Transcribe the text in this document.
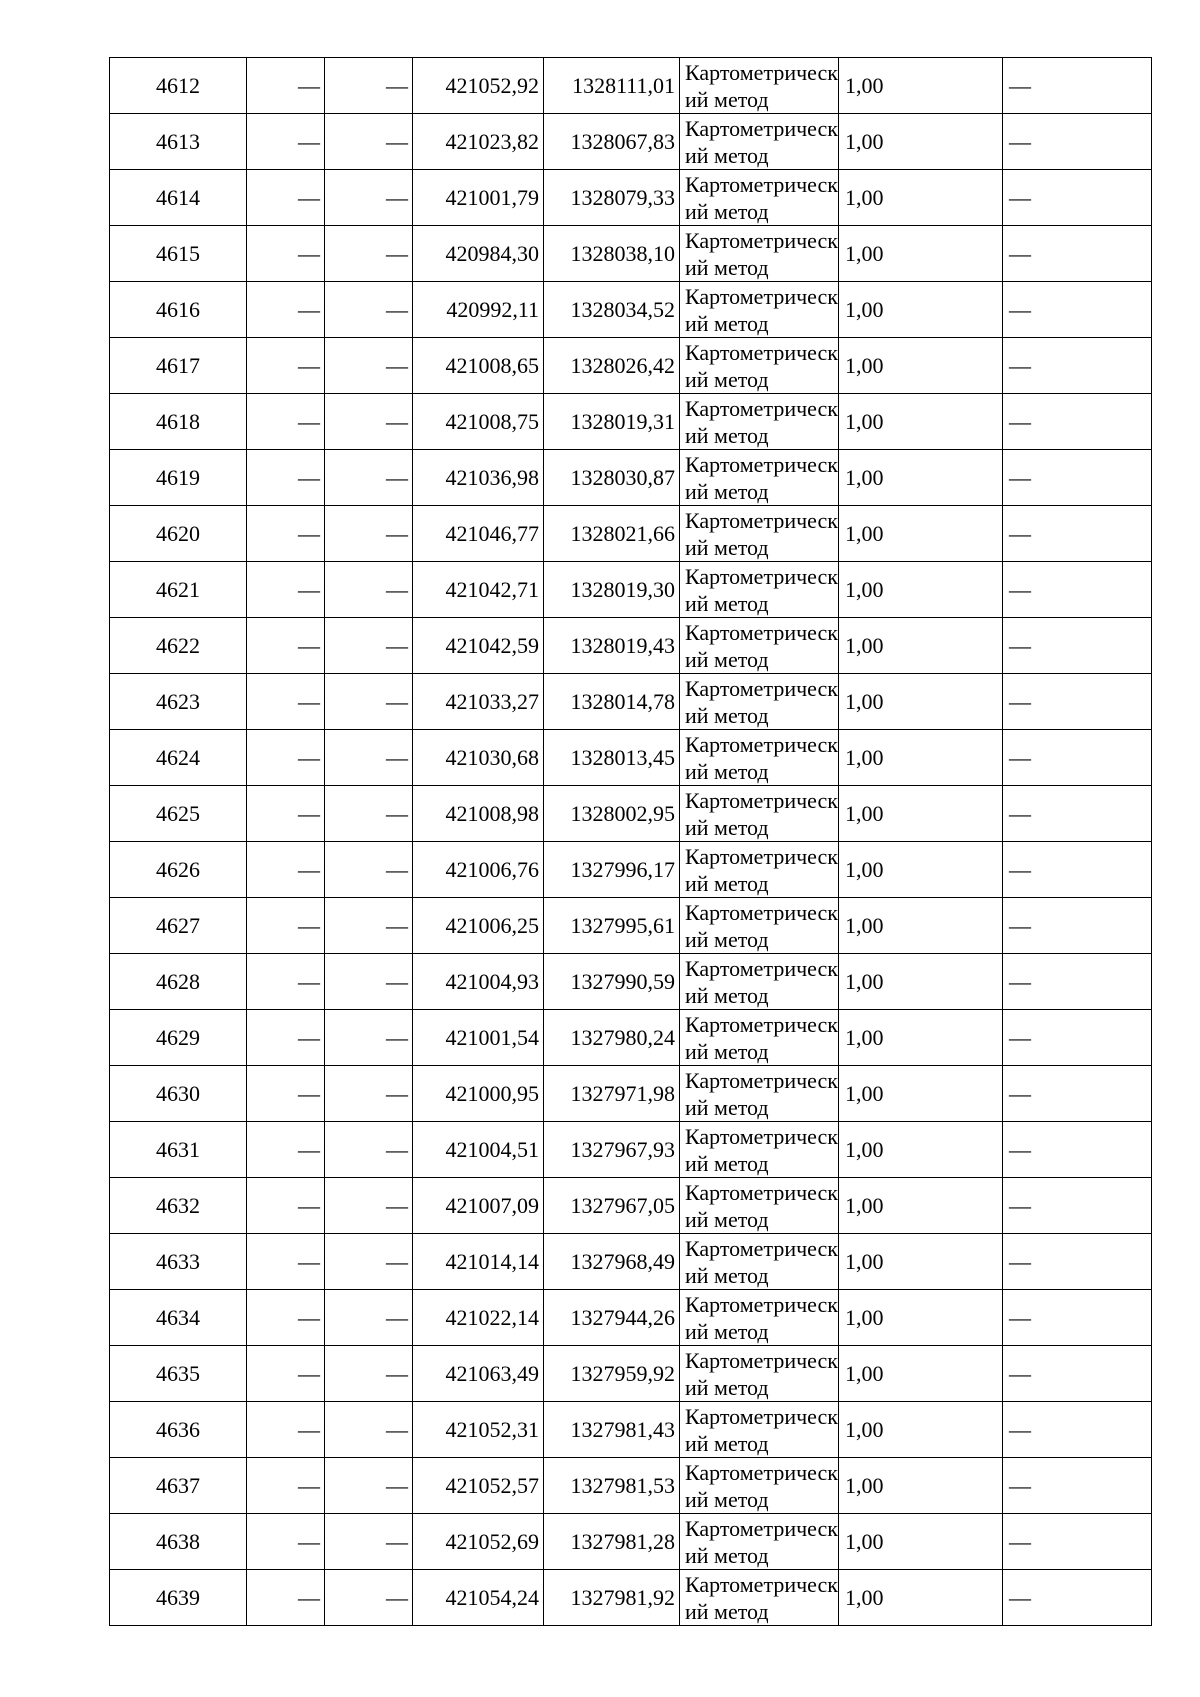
4612	—	—	421052,92	1328111,01	Картометрический метод	1,00	—
4613	—	—	421023,82	1328067,83	Картометрический метод	1,00	—
4614	—	—	421001,79	1328079,33	Картометрический метод	1,00	—
4615	—	—	420984,30	1328038,10	Картометрический метод	1,00	—
4616	—	—	420992,11	1328034,52	Картометрический метод	1,00	—
4617	—	—	421008,65	1328026,42	Картометрический метод	1,00	—
4618	—	—	421008,75	1328019,31	Картометрический метод	1,00	—
4619	—	—	421036,98	1328030,87	Картометрический метод	1,00	—
4620	—	—	421046,77	1328021,66	Картометрический метод	1,00	—
4621	—	—	421042,71	1328019,30	Картометрический метод	1,00	—
4622	—	—	421042,59	1328019,43	Картометрический метод	1,00	—
4623	—	—	421033,27	1328014,78	Картометрический метод	1,00	—
4624	—	—	421030,68	1328013,45	Картометрический метод	1,00	—
4625	—	—	421008,98	1328002,95	Картометрический метод	1,00	—
4626	—	—	421006,76	1327996,17	Картометрический метод	1,00	—
4627	—	—	421006,25	1327995,61	Картометрический метод	1,00	—
4628	—	—	421004,93	1327990,59	Картометрический метод	1,00	—
4629	—	—	421001,54	1327980,24	Картометрический метод	1,00	—
4630	—	—	421000,95	1327971,98	Картометрический метод	1,00	—
4631	—	—	421004,51	1327967,93	Картометрический метод	1,00	—
4632	—	—	421007,09	1327967,05	Картометрический метод	1,00	—
4633	—	—	421014,14	1327968,49	Картометрический метод	1,00	—
4634	—	—	421022,14	1327944,26	Картометрический метод	1,00	—
4635	—	—	421063,49	1327959,92	Картометрический метод	1,00	—
4636	—	—	421052,31	1327981,43	Картометрический метод	1,00	—
4637	—	—	421052,57	1327981,53	Картометрический метод	1,00	—
4638	—	—	421052,69	1327981,28	Картометрический метод	1,00	—
4639	—	—	421054,24	1327981,92	Картометрический метод	1,00	—
